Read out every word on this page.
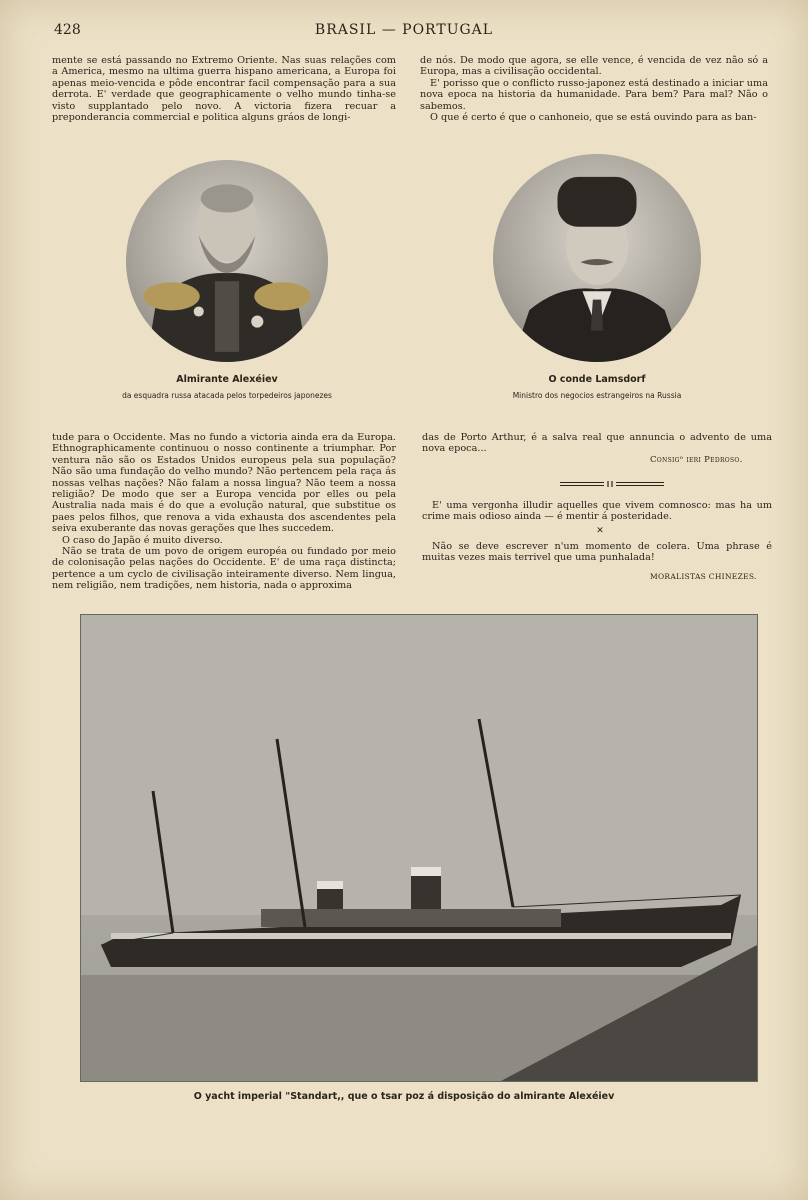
428	BRASIL — PORTUGAL

mente se está passando no Extremo Oriente. Nas suas relações com a America, mesmo na ultima guerra hispano americana, a Europa foi apenas meio-vencida e pôde encontrar facil compensação para a sua derrota. E' verdade que geographicamente o velho mundo tinha-se visto supplantado pelo novo. A victoria fizera recuar a preponderancia commercial e politica alguns gráos de longi-

de nós. De modo que agora, se elle vence, é vencida de vez não só a Europa, mas a civilisação occidental.

E' porisso que o conflicto russo-japonez está destinado a iniciar uma nova epoca na historia da humanidade. Para bem? Para mal? Não o sabemos.

O que é certo é que o canhoneio, que se está ouvindo para as ban-

Almirante Alexéiev
da esquadra russa atacada pelos torpedeiros japonezes
O conde Lamsdorf
Ministro dos negocios estrangeiros na Russia

tude para o Occidente. Mas no fundo a victoria ainda era da Europa. Ethnographicamente continuou o nosso continente a triumphar. Por ventura não são os Estados Unidos europeus pela sua população? Não são uma fundação do velho mundo? Não pertencem pela raça ás nossas velhas nações? Não falam a nossa lingua? Não teem a nossa religião? De modo que ser a Europa vencida por elles ou pela Australia nada mais é do que a evolução natural, que substitue os paes pelos filhos, que renova a vida exhausta dos ascendentes pela seiva exuberante das novas gerações que lhes succedem.

O caso do Japão é muito diverso.

Não se trata de um povo de origem européa ou fundado por meio de colonisação pelas nações do Occidente. E' de uma raça distincta; pertence a um cyclo de civilisação inteiramente diverso. Nem lingua, nem religião, nem tradições, nem historia, nada o approxima

das de Porto Arthur, é a salva real que annuncia o advento de uma nova epoca...

Consigᵒ ieri Pedroso.

E' uma vergonha illudir aquelles que vivem comnosco: mas ha um crime mais odioso ainda — é mentir á posteridade.

✕

Não se deve escrever n'um momento de colera. Uma phrase é muitas vezes mais terrivel que uma punhalada!

MORALISTAS CHINEZES.
O yacht imperial "Standart,, que o tsar poz á disposição do almirante Alexéiev
